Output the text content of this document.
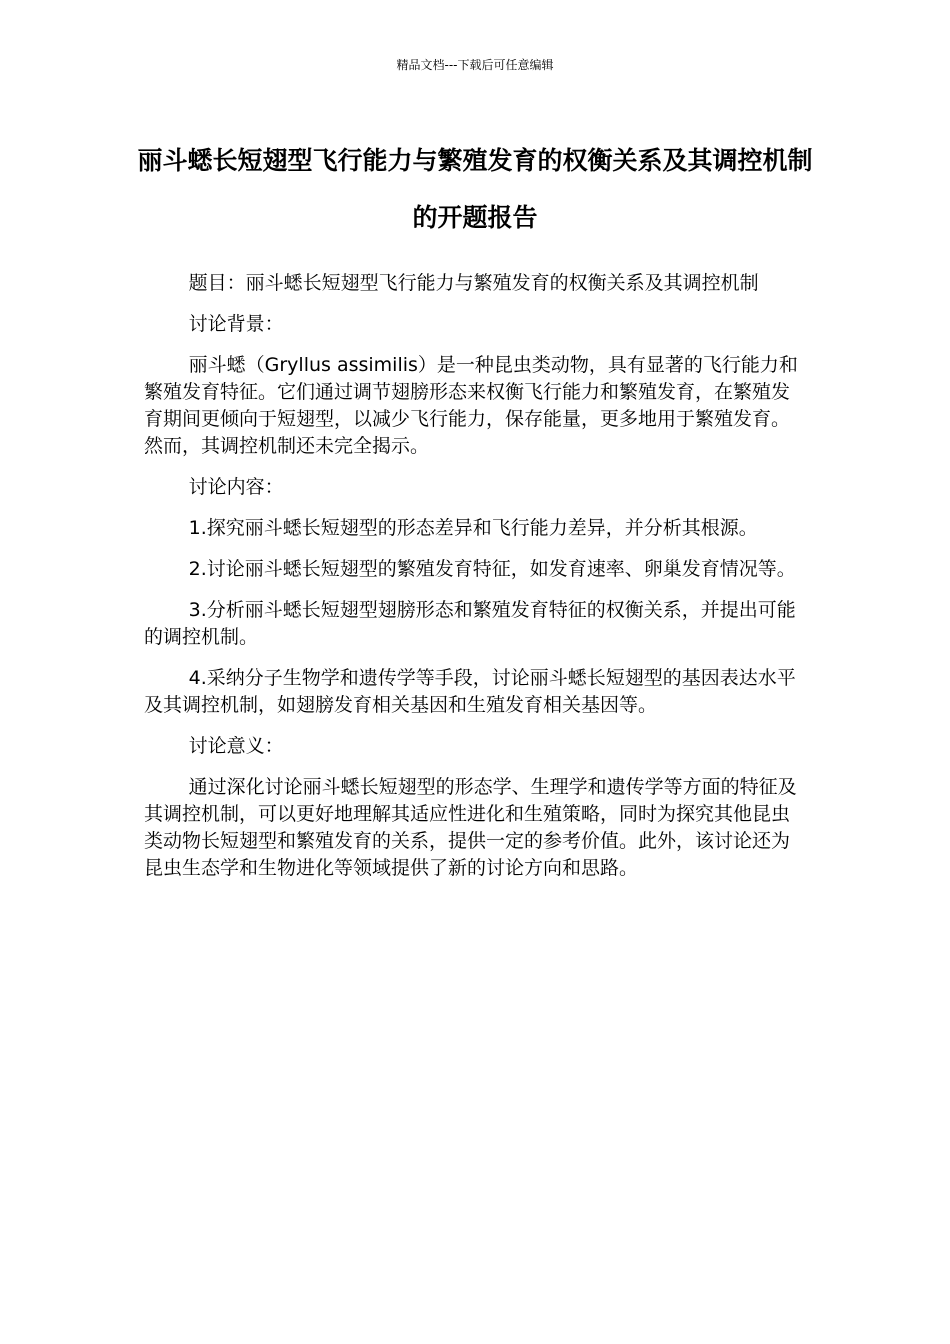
精品文档---下载后可任意编辑
丽斗蟋长短翅型飞行能力与繁殖发育的权衡关系及其调控机制的开题报告

题目：丽斗蟋长短翅型飞行能力与繁殖发育的权衡关系及其调控机制

讨论背景：

丽斗蟋（Gryllus assimilis）是一种昆虫类动物，具有显著的飞行能力和繁殖发育特征。它们通过调节翅膀形态来权衡飞行能力和繁殖发育，在繁殖发育期间更倾向于短翅型，以减少飞行能力，保存能量，更多地用于繁殖发育。然而，其调控机制还未完全揭示。

讨论内容：

1.探究丽斗蟋长短翅型的形态差异和飞行能力差异，并分析其根源。

2.讨论丽斗蟋长短翅型的繁殖发育特征，如发育速率、卵巢发育情况等。

3.分析丽斗蟋长短翅型翅膀形态和繁殖发育特征的权衡关系，并提出可能的调控机制。

4.采纳分子生物学和遗传学等手段，讨论丽斗蟋长短翅型的基因表达水平及其调控机制，如翅膀发育相关基因和生殖发育相关基因等。

讨论意义：

通过深化讨论丽斗蟋长短翅型的形态学、生理学和遗传学等方面的特征及其调控机制，可以更好地理解其适应性进化和生殖策略，同时为探究其他昆虫类动物长短翅型和繁殖发育的关系，提供一定的参考价值。此外，该讨论还为昆虫生态学和生物进化等领域提供了新的讨论方向和思路。
